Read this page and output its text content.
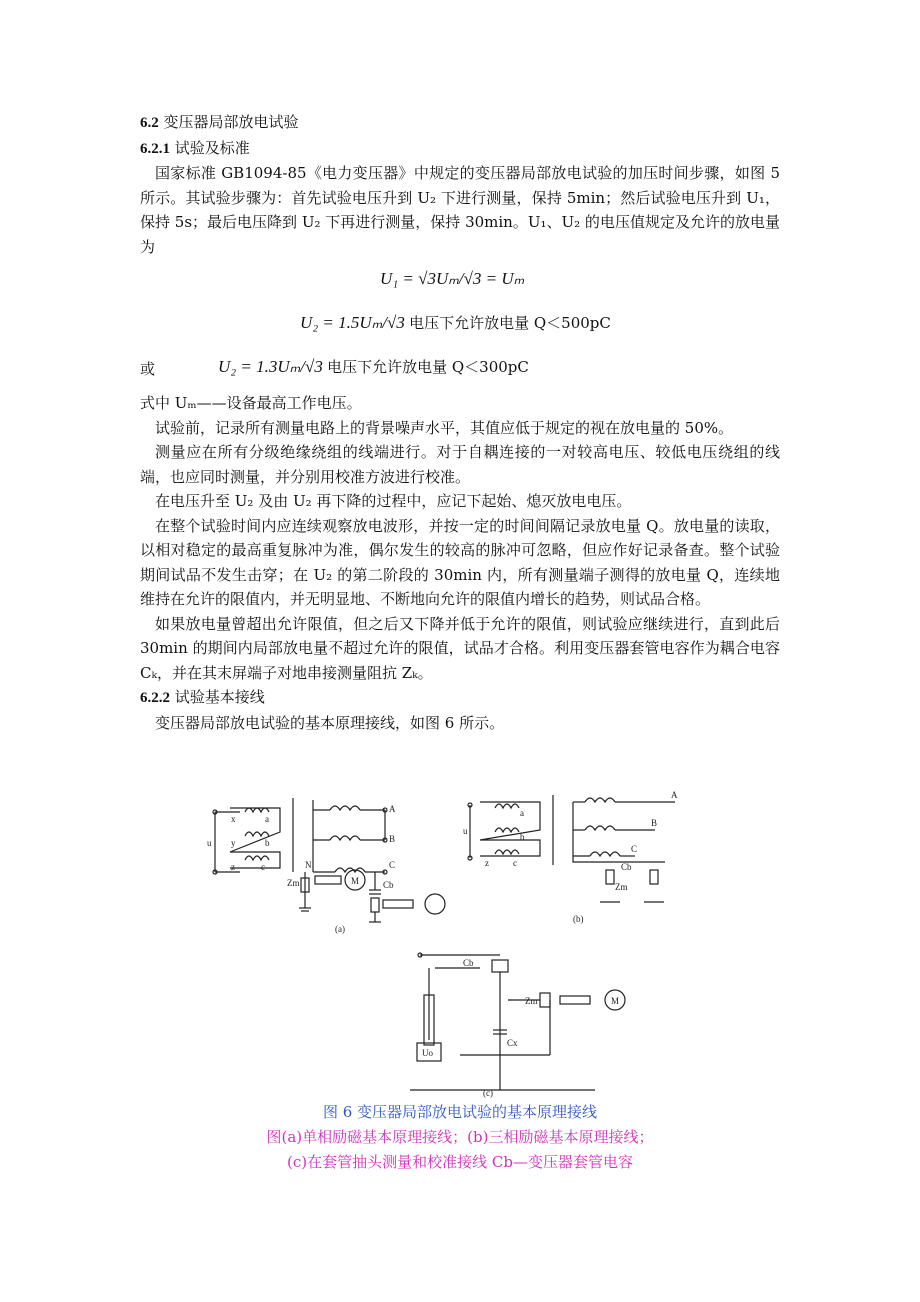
6.2 变压器局部放电试验
6.2.1 试验及标准

国家标准 GB1094-85《电力变压器》中规定的变压器局部放电试验的加压时间步骤，如图 5 所示。其试验步骤为：首先试验电压升到 U₂ 下进行测量，保持 5min；然后试验电压升到 U₁，保持 5s；最后电压降到 U₂ 下再进行测量，保持 30min。U₁、U₂ 的电压值规定及允许的放电量为

U₁ = √3Uₘ/√3 = Uₘ
U₂ = 1.5Uₘ/√3 电压下允许放电量 Q＜500pC
或	U₂ = 1.3Uₘ/√3 电压下允许放电量 Q＜300pC

式中 Uₘ——设备最高工作电压。

试验前，记录所有测量电路上的背景噪声水平，其值应低于规定的视在放电量的 50%。

测量应在所有分级绝缘绕组的线端进行。对于自耦连接的一对较高电压、较低电压绕组的线端，也应同时测量，并分别用校准方波进行校准。

在电压升至 U₂ 及由 U₂ 再下降的过程中，应记下起始、熄灭放电电压。

在整个试验时间内应连续观察放电波形，并按一定的时间间隔记录放电量 Q。放电量的读取，以相对稳定的最高重复脉冲为准，偶尔发生的较高的脉冲可忽略，但应作好记录备查。整个试验期间试品不发生击穿；在 U₂ 的第二阶段的 30min 内，所有测量端子测得的放电量 Q，连续地维持在允许的限值内，并无明显地、不断地向允许的限值内增长的趋势，则试品合格。

如果放电量曾超出允许限值，但之后又下降并低于允许的限值，则试验应继续进行，直到此后 30min 的期间内局部放电量不超过允许的限值，试品才合格。利用变压器套管电容作为耦合电容 Cₖ，并在其末屏端子对地串接测量阻抗 Zₖ。

6.2.2 试验基本接线

变压器局部放电试验的基本原理接线，如图 6 所示。

x	a
y	b
z	c
u
A
B
N	C
Zm	Cb
M
(a)
u
a
b
z	c
A
B
C
Cb
Zm
(b)
Cb
Zm
Cx
Uo
M
(c)
图 6 变压器局部放电试验的基本原理接线
图(a)单相励磁基本原理接线；(b)三相励磁基本原理接线；
(c)在套管抽头测量和校准接线 Cb—变压器套管电容
